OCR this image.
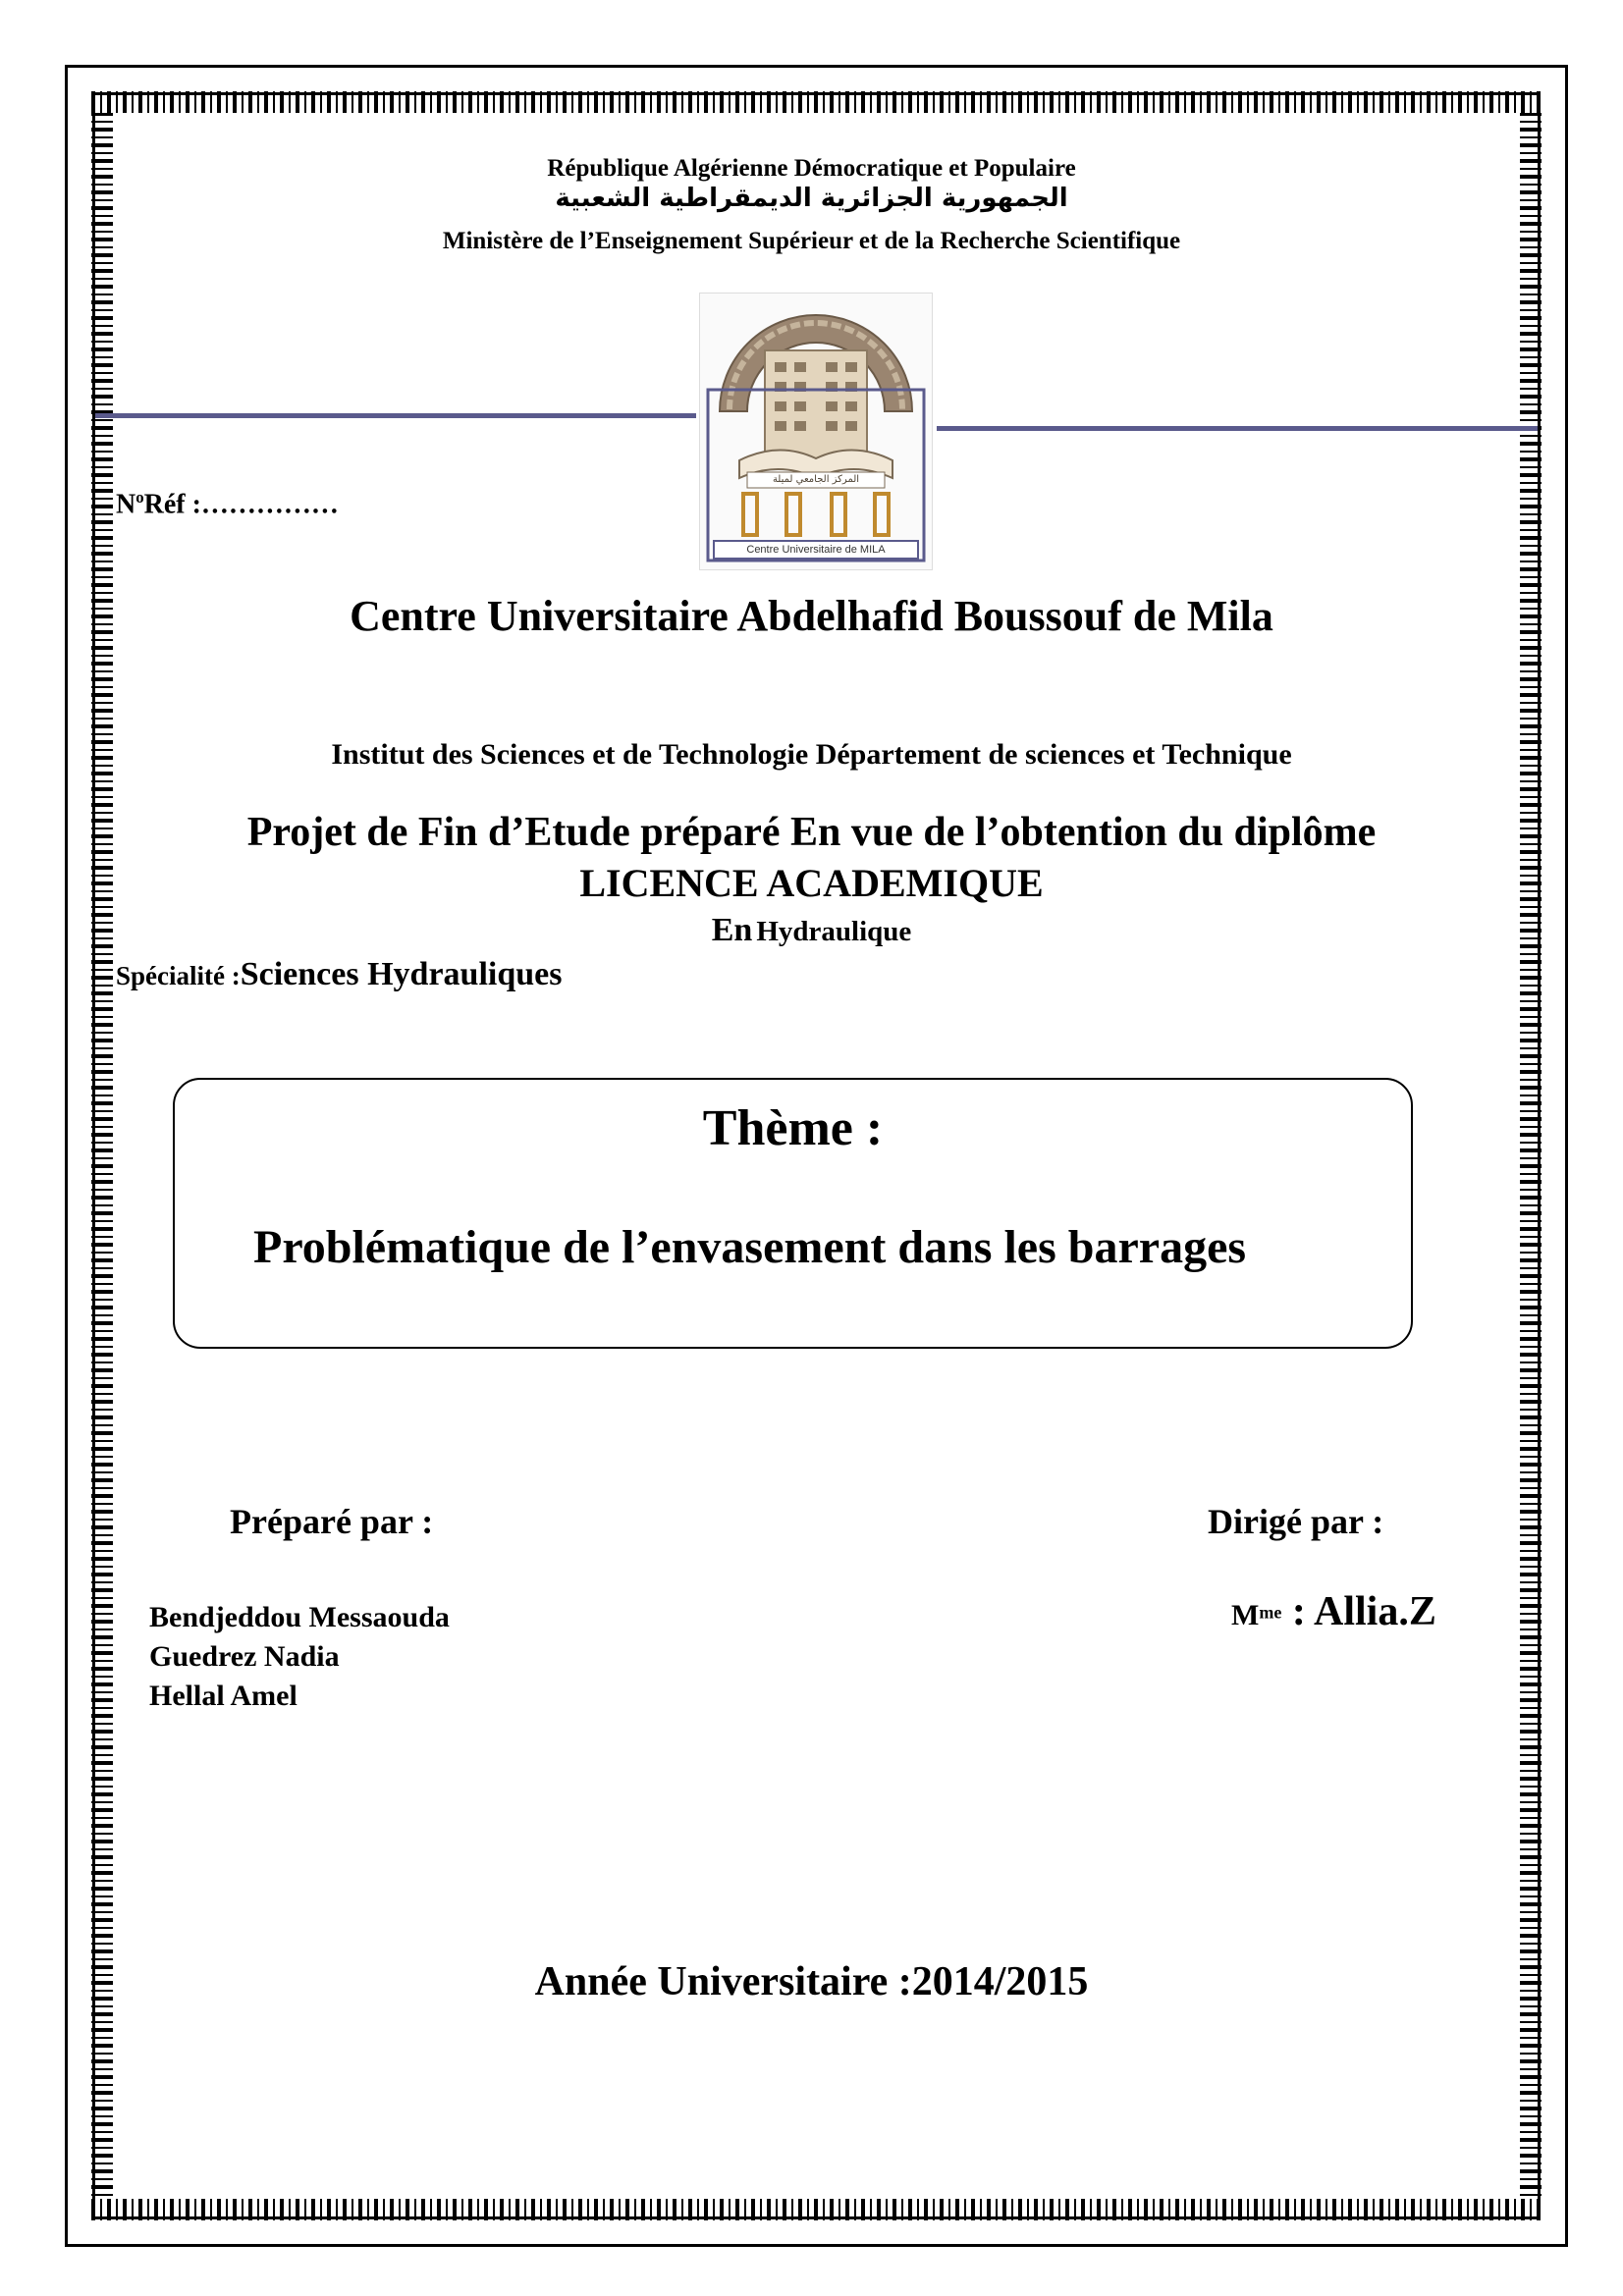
République Algérienne Démocratique et Populaire
ﺍﻟﺠﻤﻬﻮﺭﻳﺔ ﺍﻟﺠﺰﺍﺋﺮﻳﺔ ﺍﻟﺪﻳﻤﻘﺮﺍﻃﻴﺔ ﺍﻟﺸﻌﺒﻴﺔ
Ministère de l’Enseignement Supérieur et de la Recherche Scientifique
المركز الجامعي لميلة
Centre Universitaire de MILA
$N^oRéf$ :……………
Centre Universitaire Abdelhafid Boussouf de Mila
Institut des Sciences et de Technologie Département de sciences et Technique
Projet de Fin d’Etude préparé En vue de l’obtention du diplôme
LICENCE ACADEMIQUE
En Hydraulique
Spécialité :Sciences Hydrauliques
Thème :
Problématique de l’envasement dans les barrages
Préparé par :	Dirigé par :
Bendjeddou Messaouda
Guedrez Nadia
Hellal Amel
$M^{me}$ : Allia.Z
Année Universitaire :2014/2015
